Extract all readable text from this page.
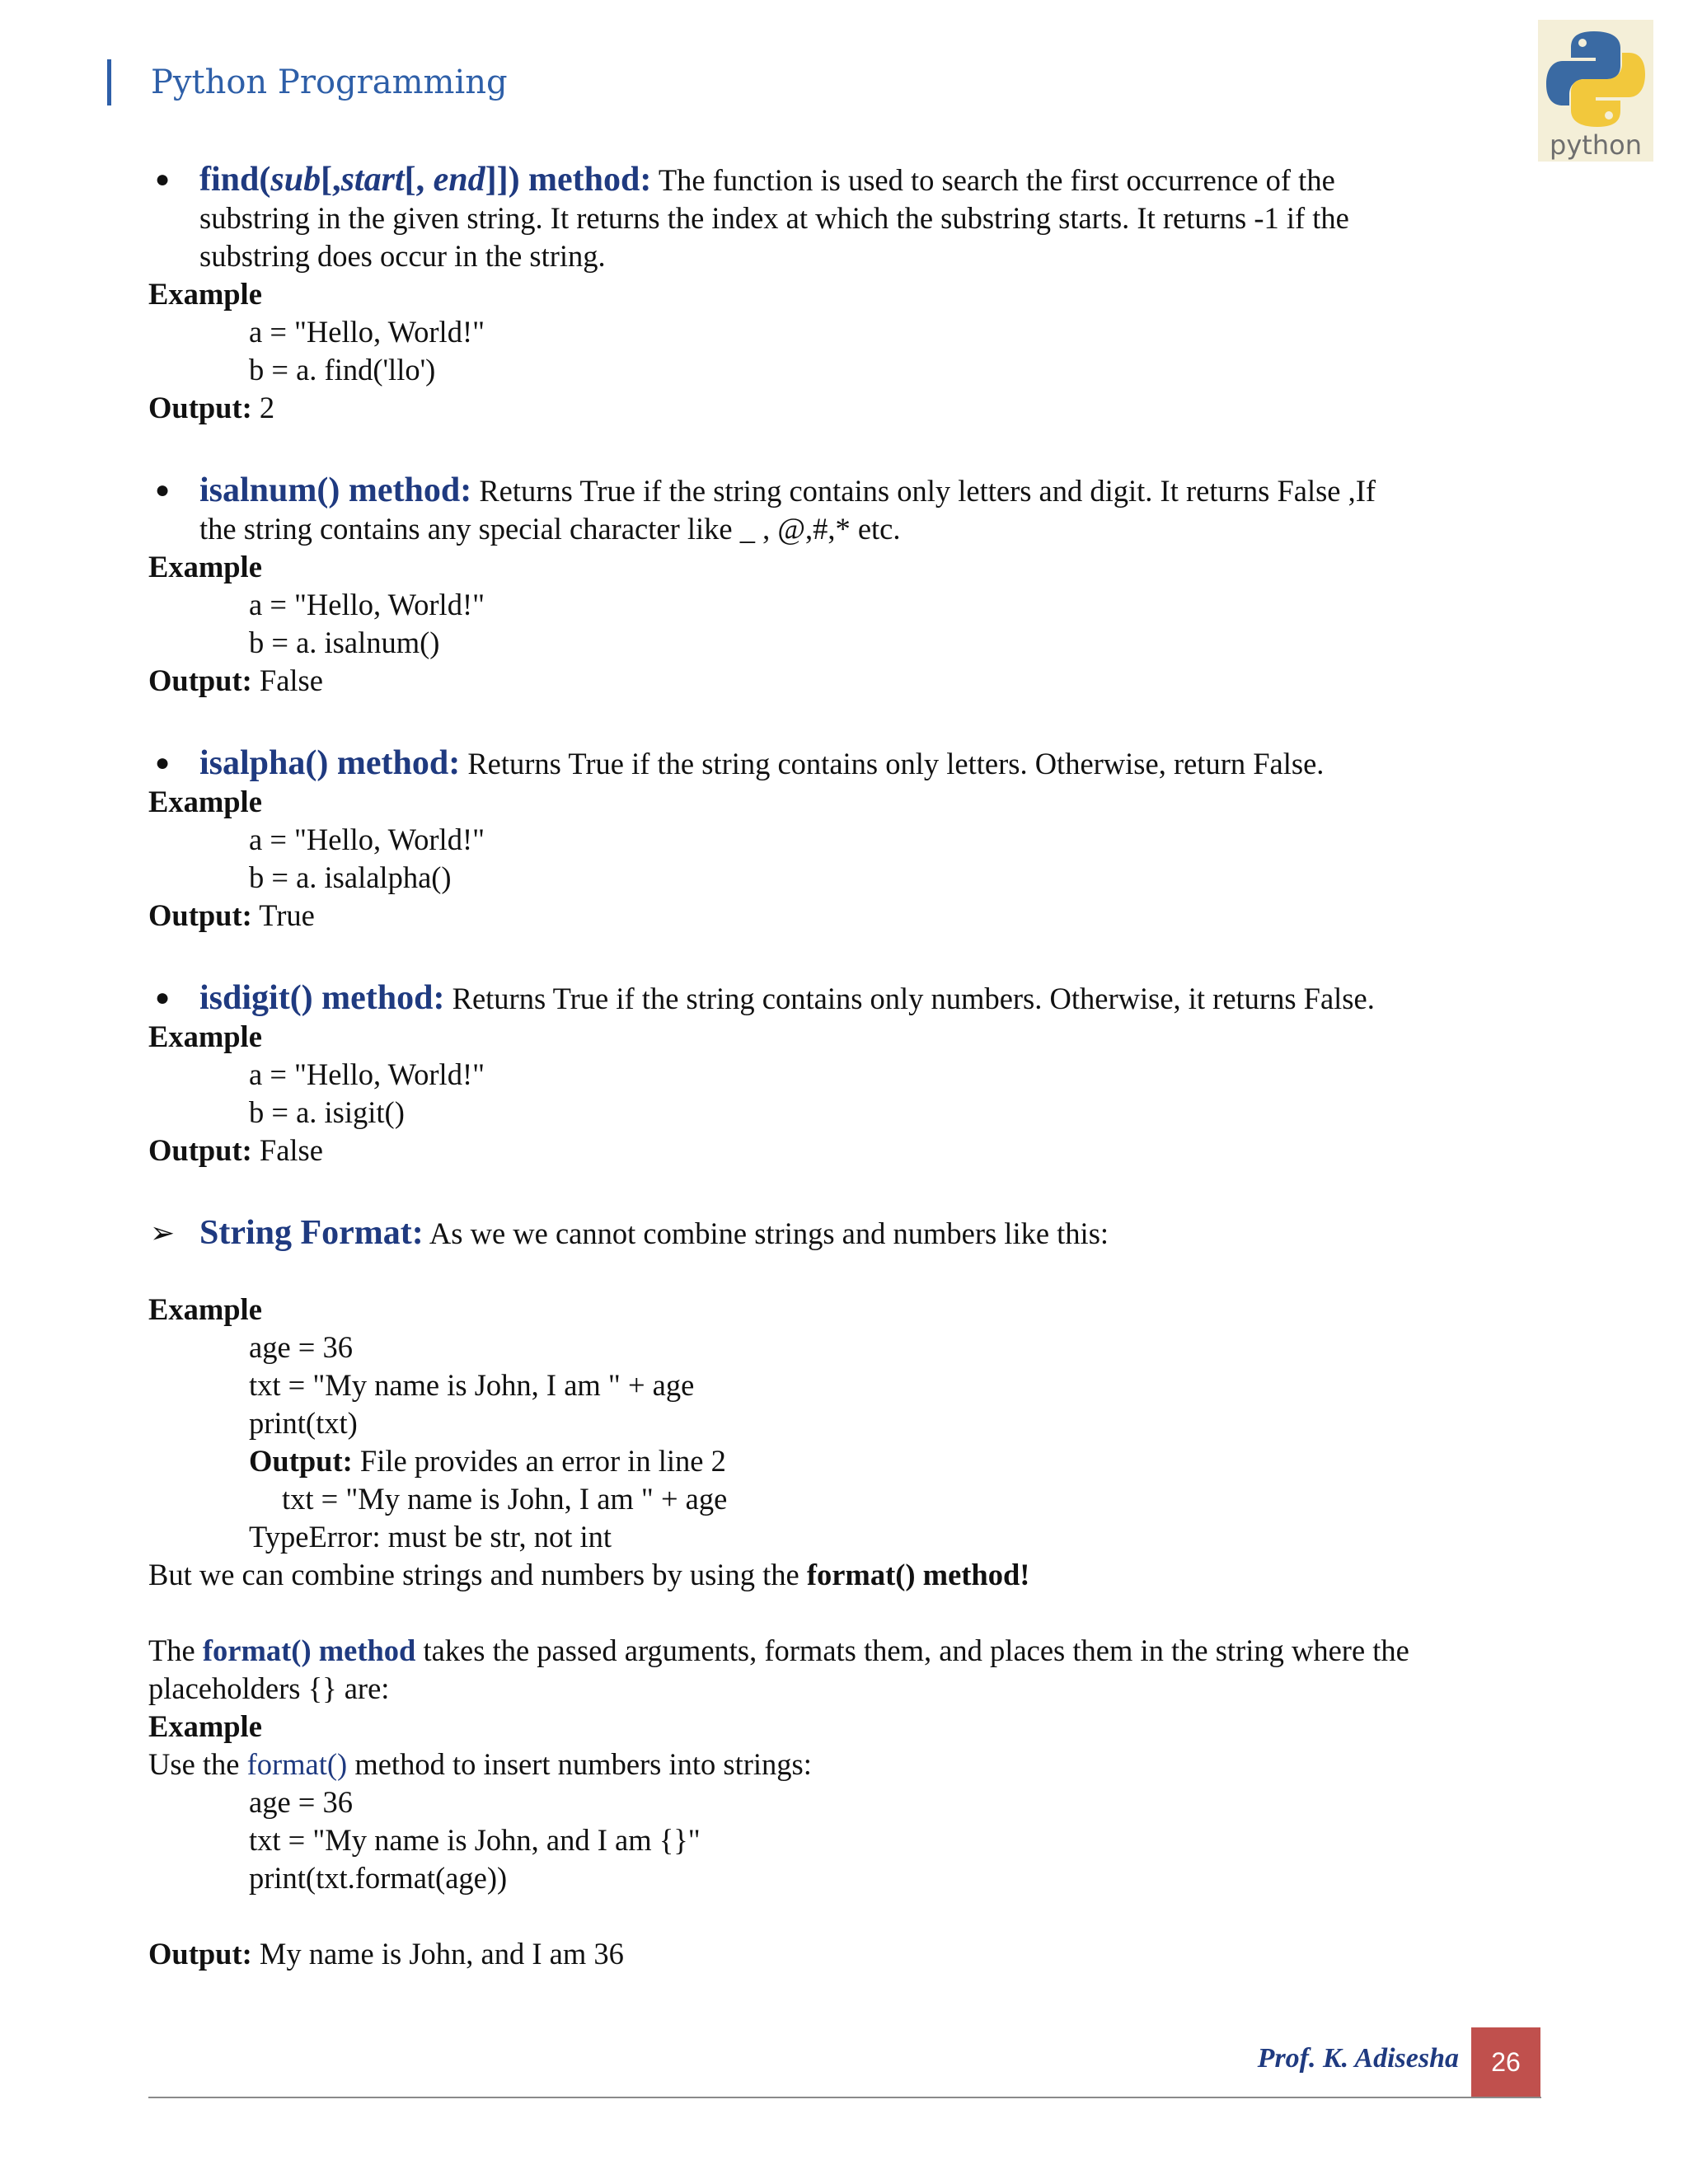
Python Programming
python
● find(sub[,start[, end]]) method: The function is used to search the first occurrence of the
substring in the given string. It returns the index at which the substring starts. It returns -1 if the
substring does occur in the string.
Example
a = "Hello, World!"
b = a. find('llo')
Output: 2
● isalnum() method: Returns True if the string contains only letters and digit. It returns False ,If
the string contains any special character like _ , @,#,* etc.
Example
a = "Hello, World!"
b = a. isalnum()
Output: False
● isalpha() method: Returns True if the string contains only letters. Otherwise, return False.
Example
a = "Hello, World!"
b = a. isalalpha()
Output: True
● isdigit() method: Returns True if the string contains only numbers. Otherwise, it returns False.
Example
a = "Hello, World!"
b = a. isigit()
Output: False
➢ String Format: As we we cannot combine strings and numbers like this:
Example
age = 36
txt = "My name is John, I am " + age
print(txt)
Output: File provides an error in line 2
txt = "My name is John, I am " + age
TypeError: must be str, not int
But we can combine strings and numbers by using the format() method!
The format() method takes the passed arguments, formats them, and places them in the string where the
placeholders {} are:
Example
Use the format() method to insert numbers into strings:
age = 36
txt = "My name is John, and I am {}"
print(txt.format(age))
Output: My name is John, and I am 36
Prof. K. Adisesha	26
